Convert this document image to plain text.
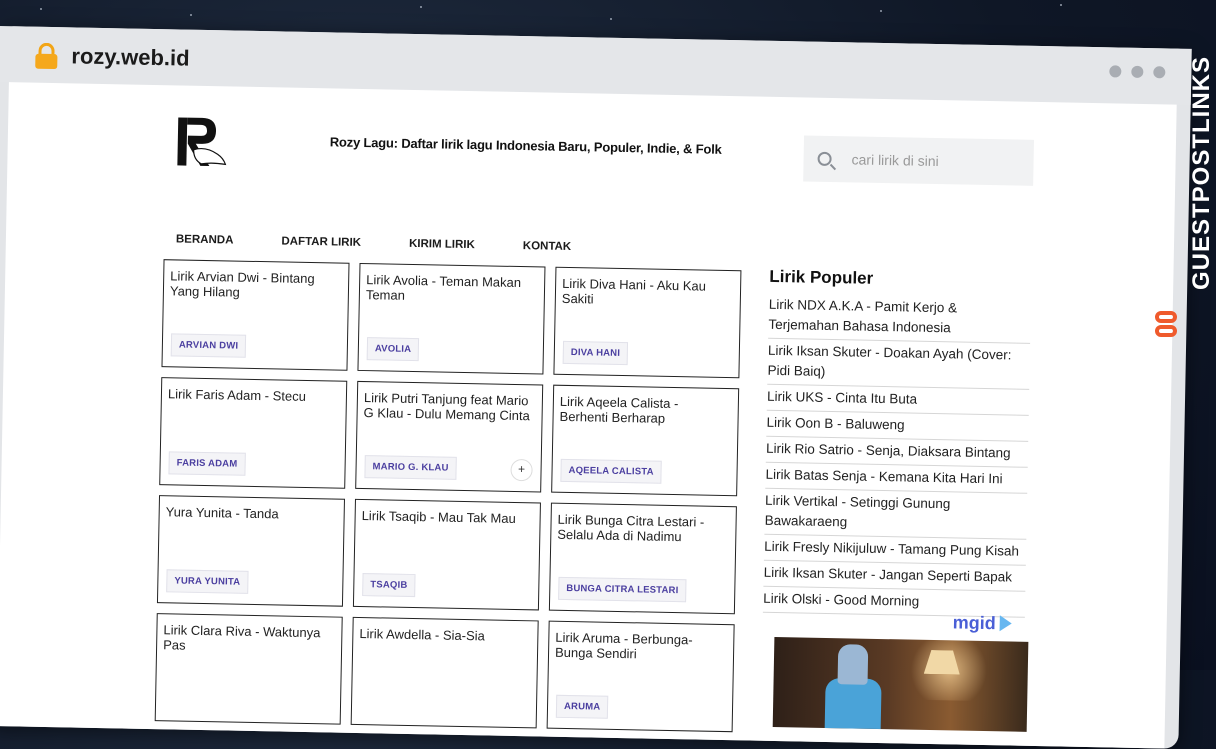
rozy.web.id
Rozy Lagu: Daftar lirik lagu Indonesia Baru, Populer, Indie, & Folk
cari lirik di sini
BERANDA	DAFTAR LIRIK	KIRIM LIRIK	KONTAK
Lirik Arvian Dwi - Bintang Yang Hilang
ARVIAN DWI
Lirik Avolia - Teman Makan Teman
AVOLIA
Lirik Diva Hani - Aku Kau Sakiti
DIVA HANI
Lirik Faris Adam - Stecu
FARIS ADAM
Lirik Putri Tanjung feat Mario G Klau - Dulu Memang Cinta
MARIO G. KLAU	+
Lirik Aqeela Calista - Berhenti Berharap
AQEELA CALISTA
Yura Yunita - Tanda
YURA YUNITA
Lirik Tsaqib - Mau Tak Mau
TSAQIB
Lirik Bunga Citra Lestari - Selalu Ada di Nadimu
BUNGA CITRA LESTARI
Lirik Clara Riva - Waktunya Pas
Lirik Awdella - Sia-Sia	Lirik Aruma - Berbunga-Bunga Sendiri
ARUMA
Lirik Populer
Lirik NDX A.K.A - Pamit Kerjo & Terjemahan Bahasa Indonesia
Lirik Iksan Skuter - Doakan Ayah (Cover: Pidi Baiq)
Lirik UKS - Cinta Itu Buta
Lirik Oon B - Baluweng
Lirik Rio Satrio - Senja, Diaksara Bintang
Lirik Batas Senja - Kemana Kita Hari Ini
Lirik Vertikal - Setinggi Gunung Bawakaraeng
Lirik Fresly Nikijuluw - Tamang Pung Kisah
Lirik Iksan Skuter - Jangan Seperti Bapak
Lirik Olski - Good Morning
mgid
GUESTPOSTLINKS
